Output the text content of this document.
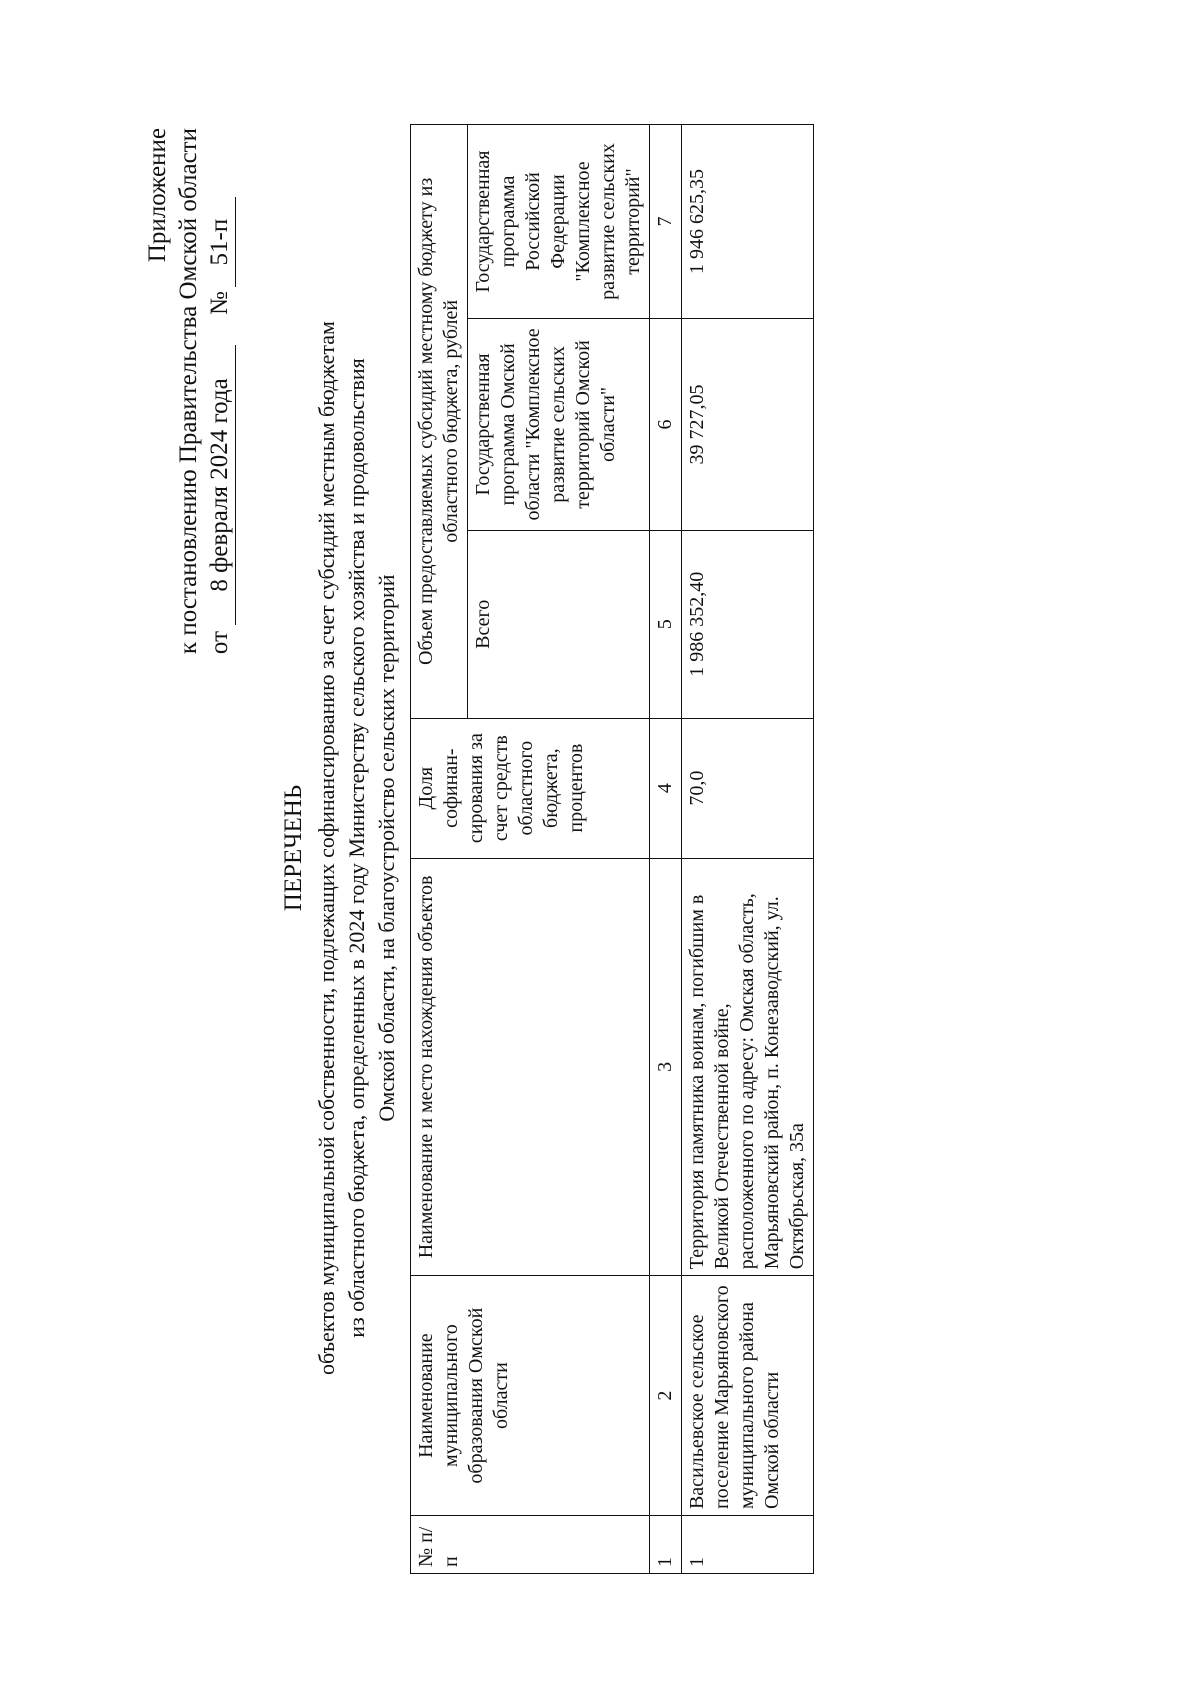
Приложение к постановлению Правительства Омской области от
8 февраля 2024 года
№
51-п
ПЕРЕЧЕНЬ объектов муниципальной собственности, подлежащих софинансированию за счет субсидий местным бюджетам из областного бюджета, определенных в 2024 году Министерству сельского хозяйства и продовольствия Омской области, на благоустройство сельских территорий
№ п/п	Наименование муниципального образования Омской области	Наименование и место нахождения объектов	Доля софинан-сирования за счет средств областного бюджета, процентов	Объем предоставляемых субсидий местному бюджету из областного бюджета, рублей		
				Всего	Государственная программа Омской области "Комплексное развитие сельских территорий Омской области"	Государственная программа Российской Федерации "Комплексное развитие сельских территорий"
1	2	3	4	5	6	7
1	Васильевское сельское поселение Марьяновского муниципального района Омской области	Территория памятника воинам, погибшим в Великой Отечественной войне, расположенного по адресу: Омская область, Марьяновский район, п. Конезаводский, ул. Октябрьская, 35а	70,0	1 986 352,40	39 727,05	1 946 625,35
